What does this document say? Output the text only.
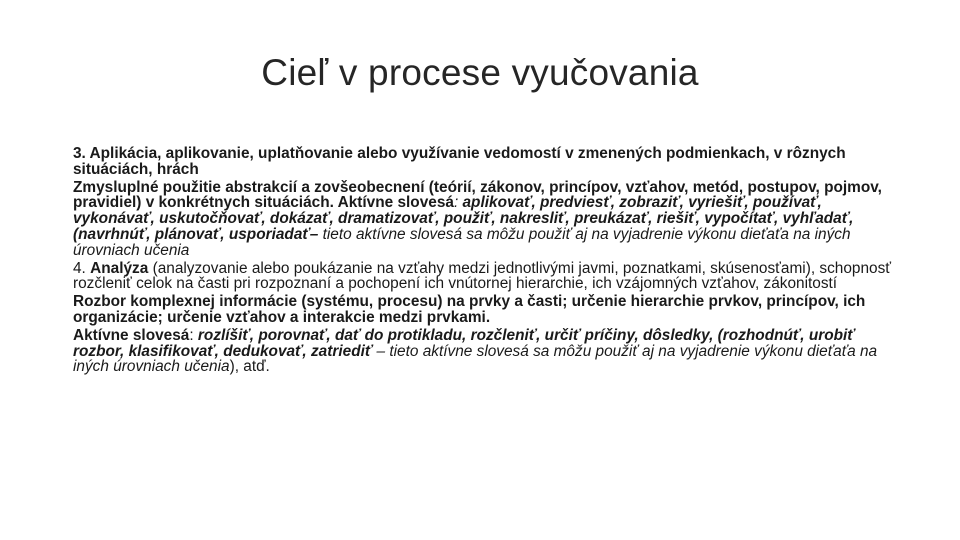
Cieľ v procese vyučovania

3. Aplikácia, aplikovanie, uplatňovanie alebo využívanie vedomostí v zmenených podmienkach, v rôznych situáciách, hrách

Zmysluplné použitie abstrakcií a zovšeobecnení (teórií, zákonov, princípov, vzťahov, metód, postupov, pojmov, pravidiel) v konkrétnych situáciách. Aktívne slovesá: aplikovať, predviesť, zobraziť, vyriešiť, používať, vykonávať, uskutočňovať, dokázať, dramatizovať, použiť, nakresliť, preukázať, riešiť, vypočítať, vyhľadať, (navrhnúť, plánovať, usporiadať– tieto aktívne slovesá sa môžu použiť aj na vyjadrenie výkonu dieťaťa na iných úrovniach učenia

4. Analýza (analyzovanie alebo poukázanie na vzťahy medzi jednotlivými javmi, poznatkami, skúsenosťami), schopnosť rozčleniť celok na časti pri rozpoznaní a pochopení ich vnútornej hierarchie, ich vzájomných vzťahov, zákonitostí

Rozbor komplexnej informácie (systému, procesu) na prvky a časti; určenie hierarchie prvkov, princípov, ich organizácie; určenie vzťahov a interakcie medzi prvkami.

Aktívne slovesá: rozlíšiť, porovnať, dať do protikladu, rozčleniť, určiť príčiny, dôsledky, (rozhodnúť, urobiť rozbor, klasifikovať, dedukovať, zatriediť – tieto aktívne slovesá sa môžu použiť aj na vyjadrenie výkonu dieťaťa na iných úrovniach učenia), atď.
